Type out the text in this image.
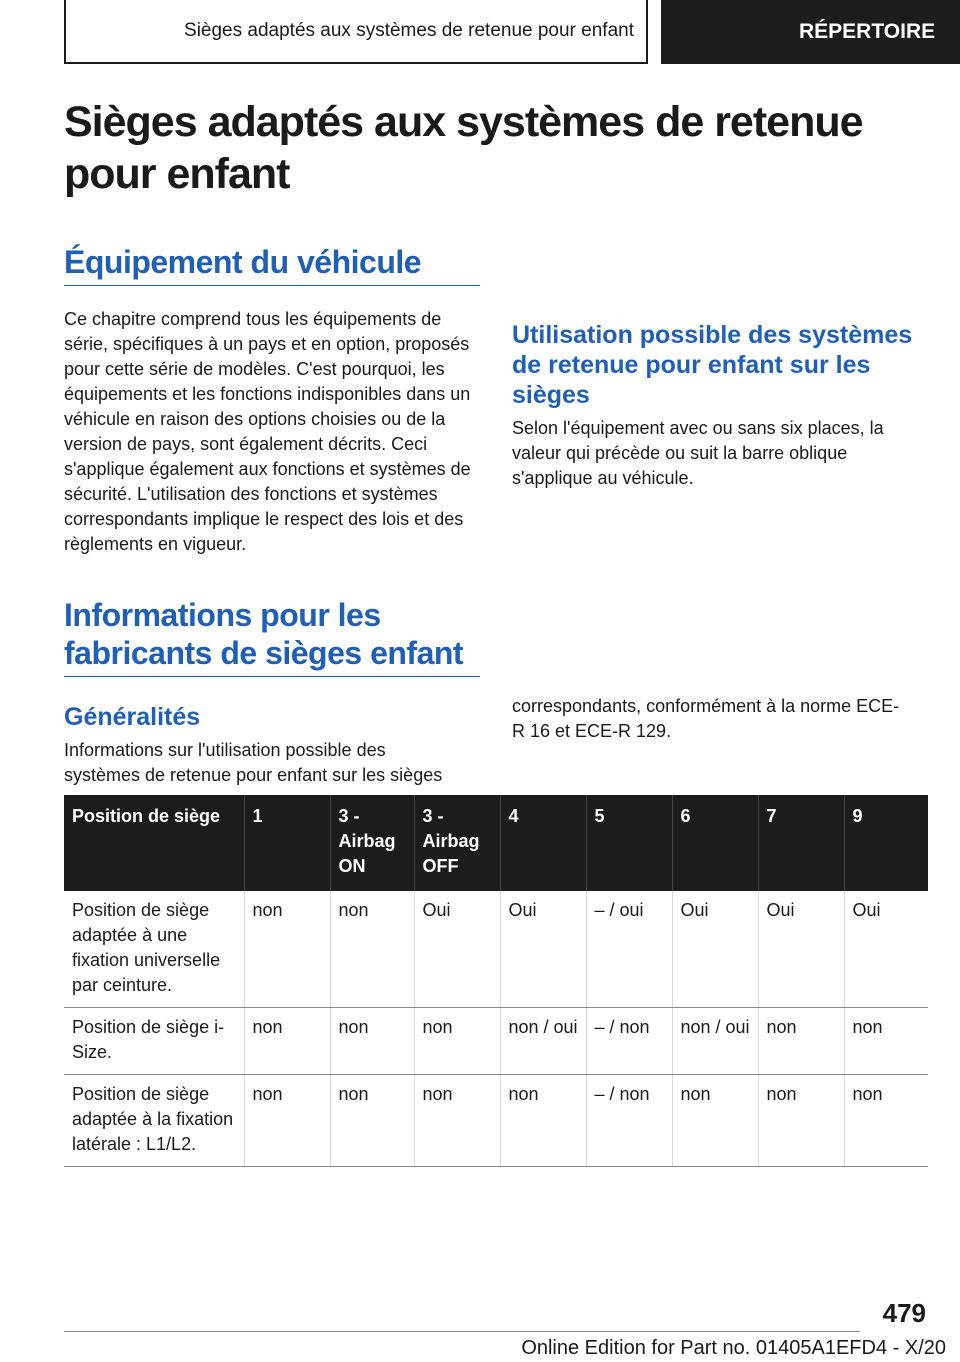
Sièges adaptés aux systèmes de retenue pour enfant	RÉPERTOIRE
Sièges adaptés aux systèmes de retenue pour enfant
Équipement du véhicule

Ce chapitre comprend tous les équipements de série, spécifiques à un pays et en option, proposés pour cette série de modèles. C'est pourquoi, les équipements et les fonctions indisponibles dans un véhicule en raison des options choisies ou de la version de pays, sont également décrits. Ceci s'applique également aux fonctions et systèmes de sécurité. L'utilisation des fonctions et systèmes correspondants implique le respect des lois et des règlements en vigueur.

Informations pour les fabricants de sièges enfant
Généralités

Informations sur l'utilisation possible des systèmes de retenue pour enfant sur les sièges

correspondants, conformément à la norme ECE-R 16 et ECE-R 129.

Utilisation possible des systèmes de retenue pour enfant sur les sièges

Selon l'équipement avec ou sans six places, la valeur qui précède ou suit la barre oblique s'applique au véhicule.

Position de siège	1	3 - Airbag ON	3 - Airbag OFF	4	5	6	7	9
Position de siège adaptée à une fixation universelle par ceinture.	non	non	Oui	Oui	– / oui	Oui	Oui	Oui
Position de siège i-Size.	non	non	non	non / oui	– / non	non / oui	non	non
Position de siège adaptée à la fixation latérale : L1/L2.	non	non	non	non	– / non	non	non	non
479
Online Edition for Part no. 01405A1EFD4 - X/20
